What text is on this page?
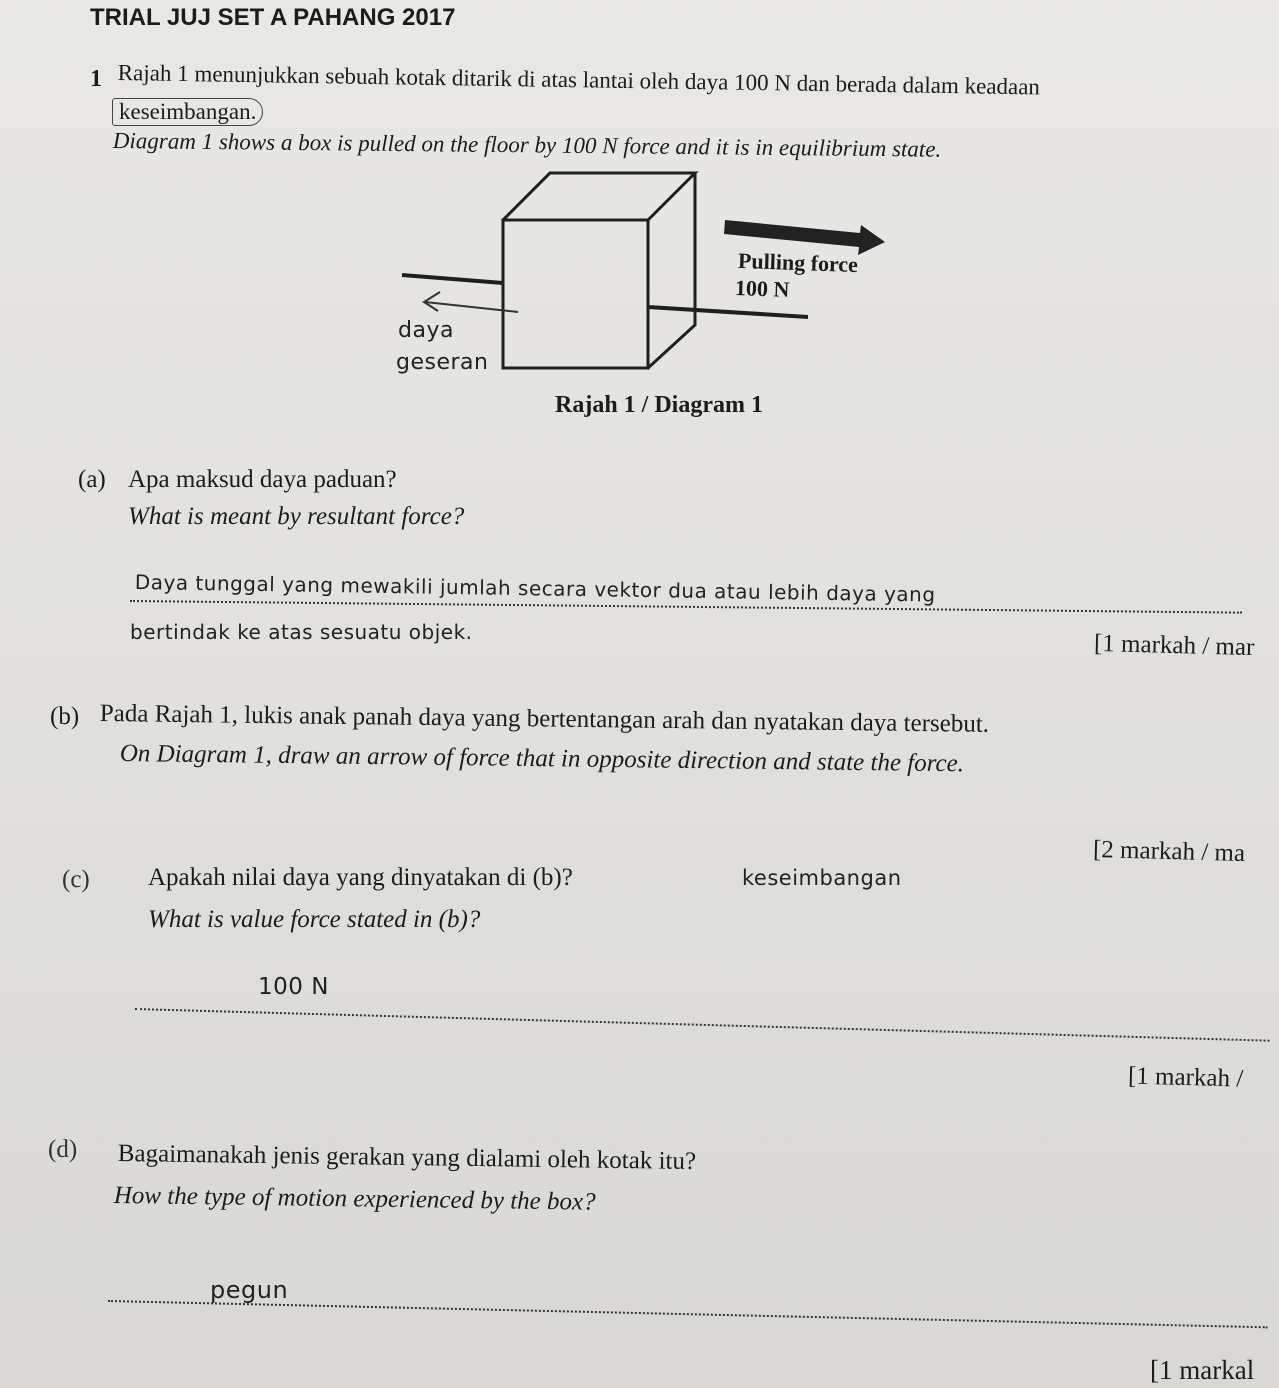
TRIAL JUJ SET A PAHANG 2017
1 Rajah 1 menunjukkan sebuah kotak ditarik di atas lantai oleh daya 100 N dan berada dalam keadaan
keseimbangan.
Diagram 1 shows a box is pulled on the floor by 100 N force and it is in equilibrium state.
Pulling force
100 N
daya
geseran
Rajah 1 / Diagram 1
(a) Apa maksud daya paduan?
What is meant by resultant force?
Daya tunggal yang mewakili jumlah secara vektor dua atau lebih daya yang
bertindak ke atas sesuatu objek.	[1 markah / mar
(b) Pada Rajah 1, lukis anak panah daya yang bertentangan arah dan nyatakan daya tersebut.
On Diagram 1, draw an arrow of force that in opposite direction and state the force.
[2 markah / ma
(c) Apakah nilai daya yang dinyatakan di (b)?	keseimbangan
What is value force stated in (b)?
100 N
[1 markah /
(d) Bagaimanakah jenis gerakan yang dialami oleh kotak itu?
How the type of motion experienced by the box?
pegun
[1 markal
